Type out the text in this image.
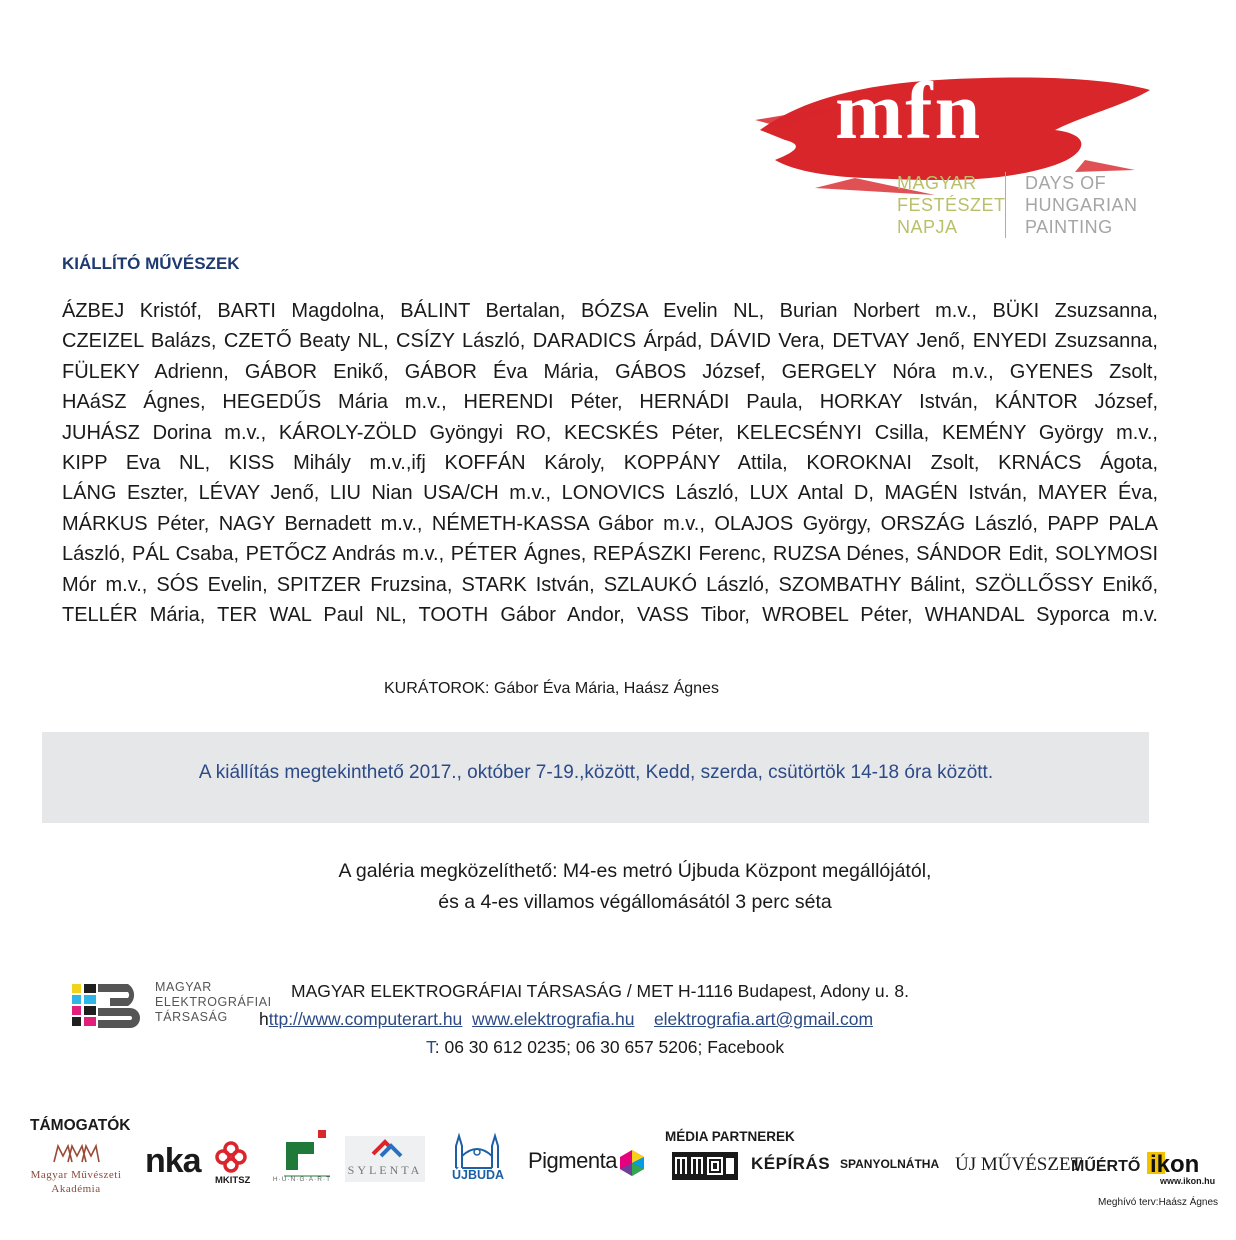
mfn
MAGYAR
FESTÉSZET
NAPJA
DAYS OF
HUNGARIAN
PAINTING
KIÁLLÍTÓ MŰVÉSZEK
ÁZBEJ Kristóf, BARTI Magdolna, BÁLINT Bertalan, BÓZSA Evelin NL, Burian Norbert m.v., BÜKI Zsuzsanna,
CZEIZEL Balázs, CZETŐ Beaty NL, CSÍZY László, DARADICS Árpád, DÁVID Vera, DETVAY Jenő, ENYEDI Zsuzsanna,
FÜLEKY Adrienn, GÁBOR Enikő, GÁBOR Éva Mária, GÁBOS József, GERGELY Nóra m.v., GYENES Zsolt,
HAáSZ Ágnes, HEGEDŰS Mária m.v., HERENDI Péter, HERNÁDI Paula, HORKAY István, KÁNTOR József,
JUHÁSZ Dorina m.v., KÁROLY-ZÖLD Gyöngyi RO, KECSKÉS Péter, KELECSÉNYI Csilla, KEMÉNY György m.v.,
KIPP Eva NL, KISS Mihály m.v.,ifj KOFFÁN Károly, KOPPÁNY Attila, KOROKNAI Zsolt, KRNÁCS Ágota,
LÁNG Eszter, LÉVAY Jenő, LIU Nian USA/CH m.v., LONOVICS László, LUX Antal D, MAGÉN István, MAYER Éva,
MÁRKUS Péter, NAGY Bernadett m.v., NÉMETH-KASSA Gábor m.v., OLAJOS György, ORSZÁG László, PAPP PALA
László, PÁL Csaba, PETŐCZ András m.v., PÉTER Ágnes, REPÁSZKI Ferenc, RUZSA Dénes, SÁNDOR Edit, SOLYMOSI
Mór m.v., SÓS Evelin, SPITZER Fruzsina, STARK István, SZLAUKÓ László, SZOMBATHY Bálint, SZÖLLŐSSY Enikő,
TELLÉR Mária, TER WAL Paul NL, TOOTH Gábor Andor, VASS Tibor, WROBEL Péter, WHANDAL Syporca m.v.
KURÁTOROK: Gábor Éva Mária, Haász Ágnes
A kiállítás megtekinthető 2017., október 7-19.,között, Kedd, szerda, csütörtök 14-18 óra között.
A galéria megközelíthető: M4-es metró Újbuda Központ megállójától,
és a 4-es villamos végállomásától 3 perc séta
MAGYAR
ELEKTROGRÁFIAI
TÁRSASÁG
MAGYAR ELEKTROGRÁFIAI TÁRSASÁG / MET H-1116 Budapest, Adony u. 8.
http://www.computerart.hu www.elektrografia.hu elektrografia.art@gmail.com
T: 06 30 612 0235; 06 30 657 5206; Facebook
TÁMOGATÓK
Magyar Művészeti
Akadémia
nka
MKITSZ	H·U·N·G·A·R·T
SYLENTA ÚJBUDA
Pigmenta
MÉDIA PARTNEREK
KÉPÍRÁS SPANYOLNÁTHA ÚJ MŰVÉSZET
MŰÉRTŐ ikon
www.ikon.hu
Meghívó terv:Haász Ágnes
